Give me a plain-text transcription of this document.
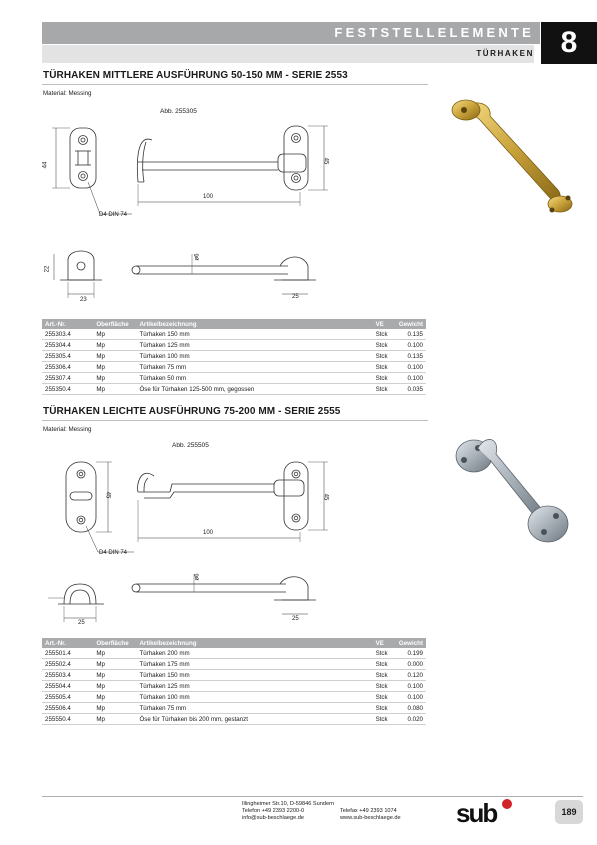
FESTSTELLELEMENTE
TÜRHAKEN 8
TÜRHAKEN MITTLERE AUSFÜHRUNG 50-150 MM - SERIE 2553
Material: Messing
Abb. 255305
44
45
100
D4 DIN 74
22
23
ø6
25
Art.-Nr.	Oberfläche	Artikelbezeichnung	VE	Gewicht
255303.4	Mp	Türhaken 150 mm	Stck	0.135
255304.4	Mp	Türhaken 125 mm	Stck	0.100
255305.4	Mp	Türhaken 100 mm	Stck	0.135
255306.4	Mp	Türhaken 75 mm	Stck	0.100
255307.4	Mp	Türhaken 50 mm	Stck	0.100
255350.4	Mp	Öse für Türhaken 125-500 mm, gegossen	Stck	0.035
TÜRHAKEN LEICHTE AUSFÜHRUNG 75-200 MM - SERIE 2555
Material: Messing
Abb. 255505
45	45
100
D4 DIN 74
25
ø6
25
Art.-Nr.	Oberfläche	Artikelbezeichnung	VE	Gewicht
255501.4	Mp	Türhaken 200 mm	Stck	0.199
255502.4	Mp	Türhaken 175 mm	Stck	0.000
255503.4	Mp	Türhaken 150 mm	Stck	0.120
255504.4	Mp	Türhaken 125 mm	Stck	0.100
255505.4	Mp	Türhaken 100 mm	Stck	0.100
255506.4	Mp	Türhaken 75 mm	Stck	0.080
255550.4	Mp	Öse für Türhaken bis 200 mm, gestanzt	Stck	0.020
Illingheimer Str.10, D-59846 Sundern
Telefon +49 2393 2200-0	Telefax +49 2393 1074
info@sub-beschlaege.de	www.sub-beschlaege.de sub	189
